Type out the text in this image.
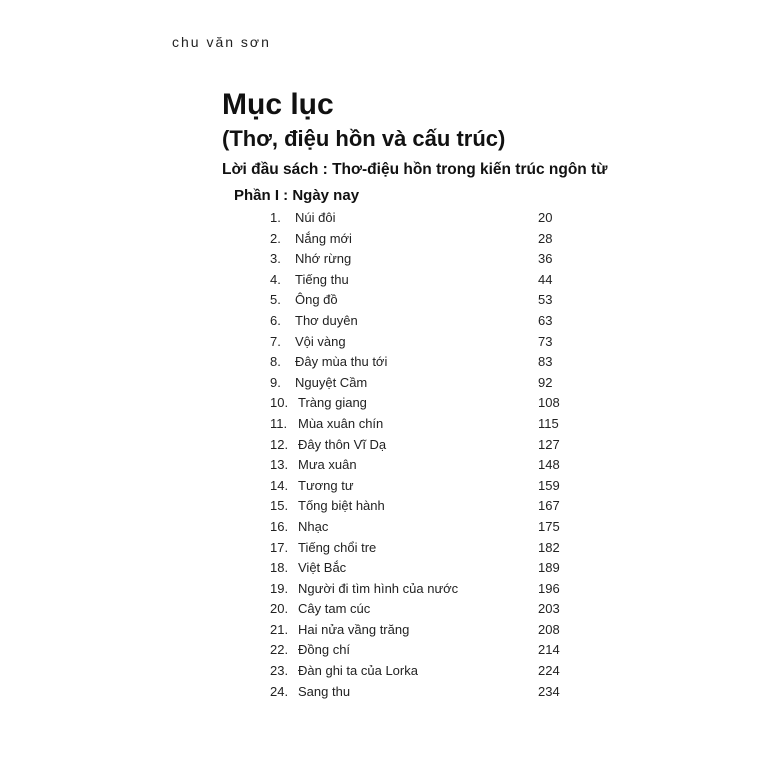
chu văn sơn
Mục lục
(Thơ, điệu hồn và cấu trúc)
Lời đầu sách : Thơ-điệu hồn trong kiến trúc ngôn từ
Phần I : Ngày nay
1. Núi đôi	20
2. Nắng mới	28
3. Nhớ rừng	36
4. Tiếng thu	44
5. Ông đồ	53
6. Thơ duyên	63
7. Vội vàng	73
8. Đây mùa thu tới	83
9. Nguyệt Cầm	92
10. Tràng giang	108
11. Mùa xuân chín	115
12. Đây thôn Vĩ Dạ	127
13. Mưa xuân	148
14. Tương tư	159
15. Tống biệt hành	167
16. Nhạc	175
17. Tiếng chổi tre	182
18. Việt Bắc	189
19. Người đi tìm hình của nước	196
20. Cây tam cúc	203
21. Hai nửa vầng trăng	208
22. Đồng chí	214
23. Đàn ghi ta của Lorka	224
24. Sang thu	234
